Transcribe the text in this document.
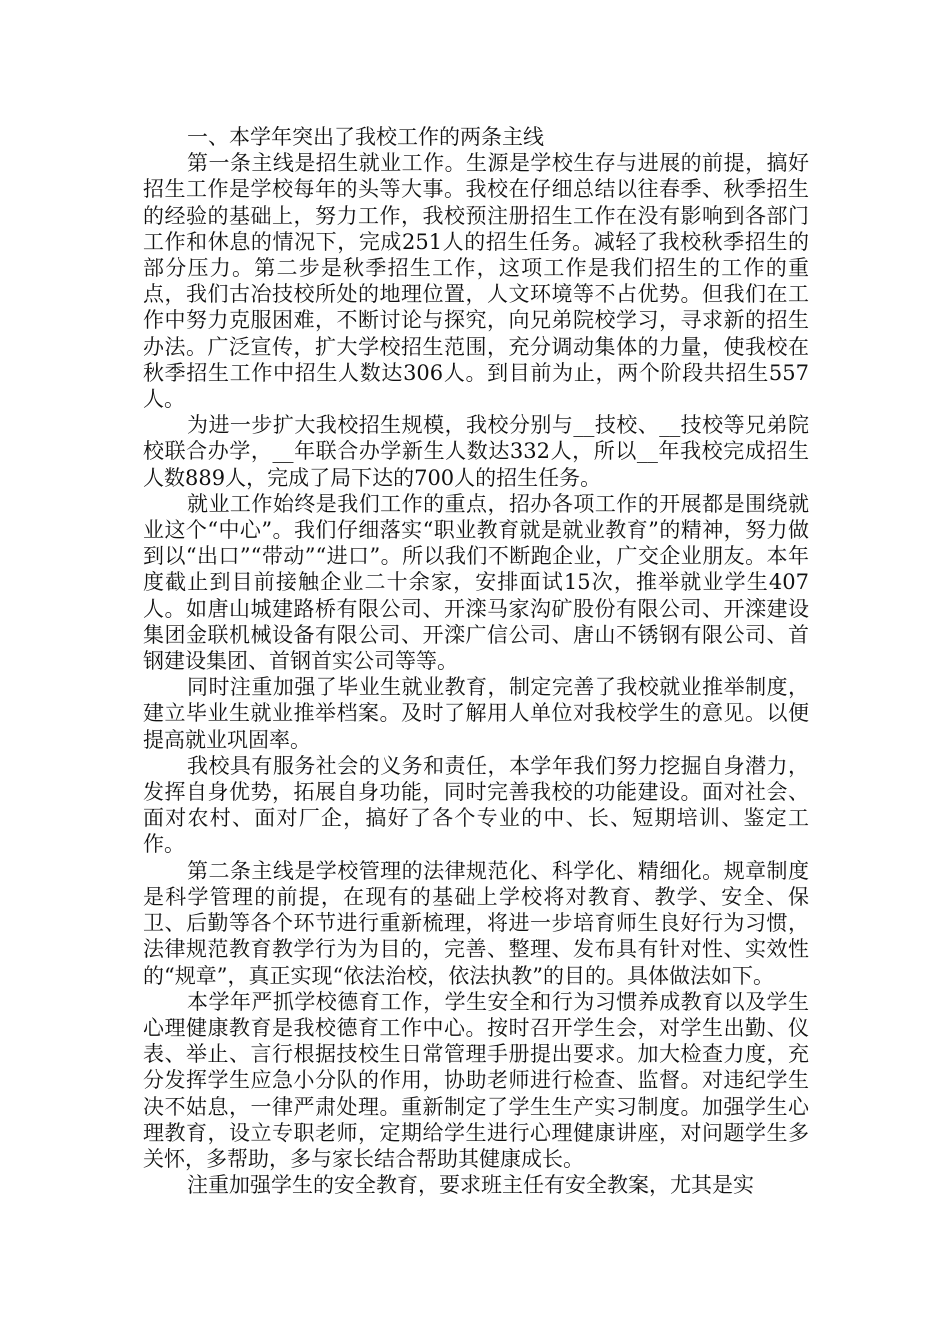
一、本学年突出了我校工作的两条主线

第一条主线是招生就业工作。生源是学校生存与进展的前提，搞好招生工作是学校每年的头等大事。我校在仔细总结以往春季、秋季招生的经验的基础上，努力工作，我校预注册招生工作在没有影响到各部门工作和休息的情况下，完成251人的招生任务。减轻了我校秋季招生的部分压力。第二步是秋季招生工作，这项工作是我们招生的工作的重点，我们古冶技校所处的地理位置，人文环境等不占优势。但我们在工作中努力克服困难，不断讨论与探究，向兄弟院校学习，寻求新的招生办法。广泛宣传，扩大学校招生范围，充分调动集体的力量，使我校在秋季招生工作中招生人数达306人。到目前为止，两个阶段共招生557人。

为进一步扩大我校招生规模，我校分别与__技校、__技校等兄弟院校联合办学，__年联合办学新生人数达332人，所以__年我校完成招生人数889人，完成了局下达的700人的招生任务。

就业工作始终是我们工作的重点，招办各项工作的开展都是围绕就业这个“中心”。我们仔细落实“职业教育就是就业教育”的精神，努力做到以“出口”“带动”“进口”。所以我们不断跑企业，广交企业朋友。本年度截止到目前接触企业二十余家，安排面试15次，推举就业学生407人。如唐山城建路桥有限公司、开滦马家沟矿股份有限公司、开滦建设集团金联机械设备有限公司、开滦广信公司、唐山不锈钢有限公司、首钢建设集团、首钢首实公司等等。

同时注重加强了毕业生就业教育，制定完善了我校就业推举制度，建立毕业生就业推举档案。及时了解用人单位对我校学生的意见。以便提高就业巩固率。

我校具有服务社会的义务和责任，本学年我们努力挖掘自身潜力，发挥自身优势，拓展自身功能，同时完善我校的功能建设。面对社会、面对农村、面对厂企，搞好了各个专业的中、长、短期培训、鉴定工作。

第二条主线是学校管理的法律规范化、科学化、精细化。规章制度是科学管理的前提，在现有的基础上学校将对教育、教学、安全、保卫、后勤等各个环节进行重新梳理，将进一步培育师生良好行为习惯，法律规范教育教学行为为目的，完善、整理、发布具有针对性、实效性的“规章”，真正实现“依法治校，依法执教”的目的。具体做法如下。

本学年严抓学校德育工作，学生安全和行为习惯养成教育以及学生心理健康教育是我校德育工作中心。按时召开学生会，对学生出勤、仪表、举止、言行根据技校生日常管理手册提出要求。加大检查力度，充分发挥学生应急小分队的作用，协助老师进行检查、监督。对违纪学生决不姑息，一律严肃处理。重新制定了学生生产实习制度。加强学生心理教育，设立专职老师，定期给学生进行心理健康讲座，对问题学生多关怀，多帮助，多与家长结合帮助其健康成长。

注重加强学生的安全教育，要求班主任有安全教案，尤其是实
